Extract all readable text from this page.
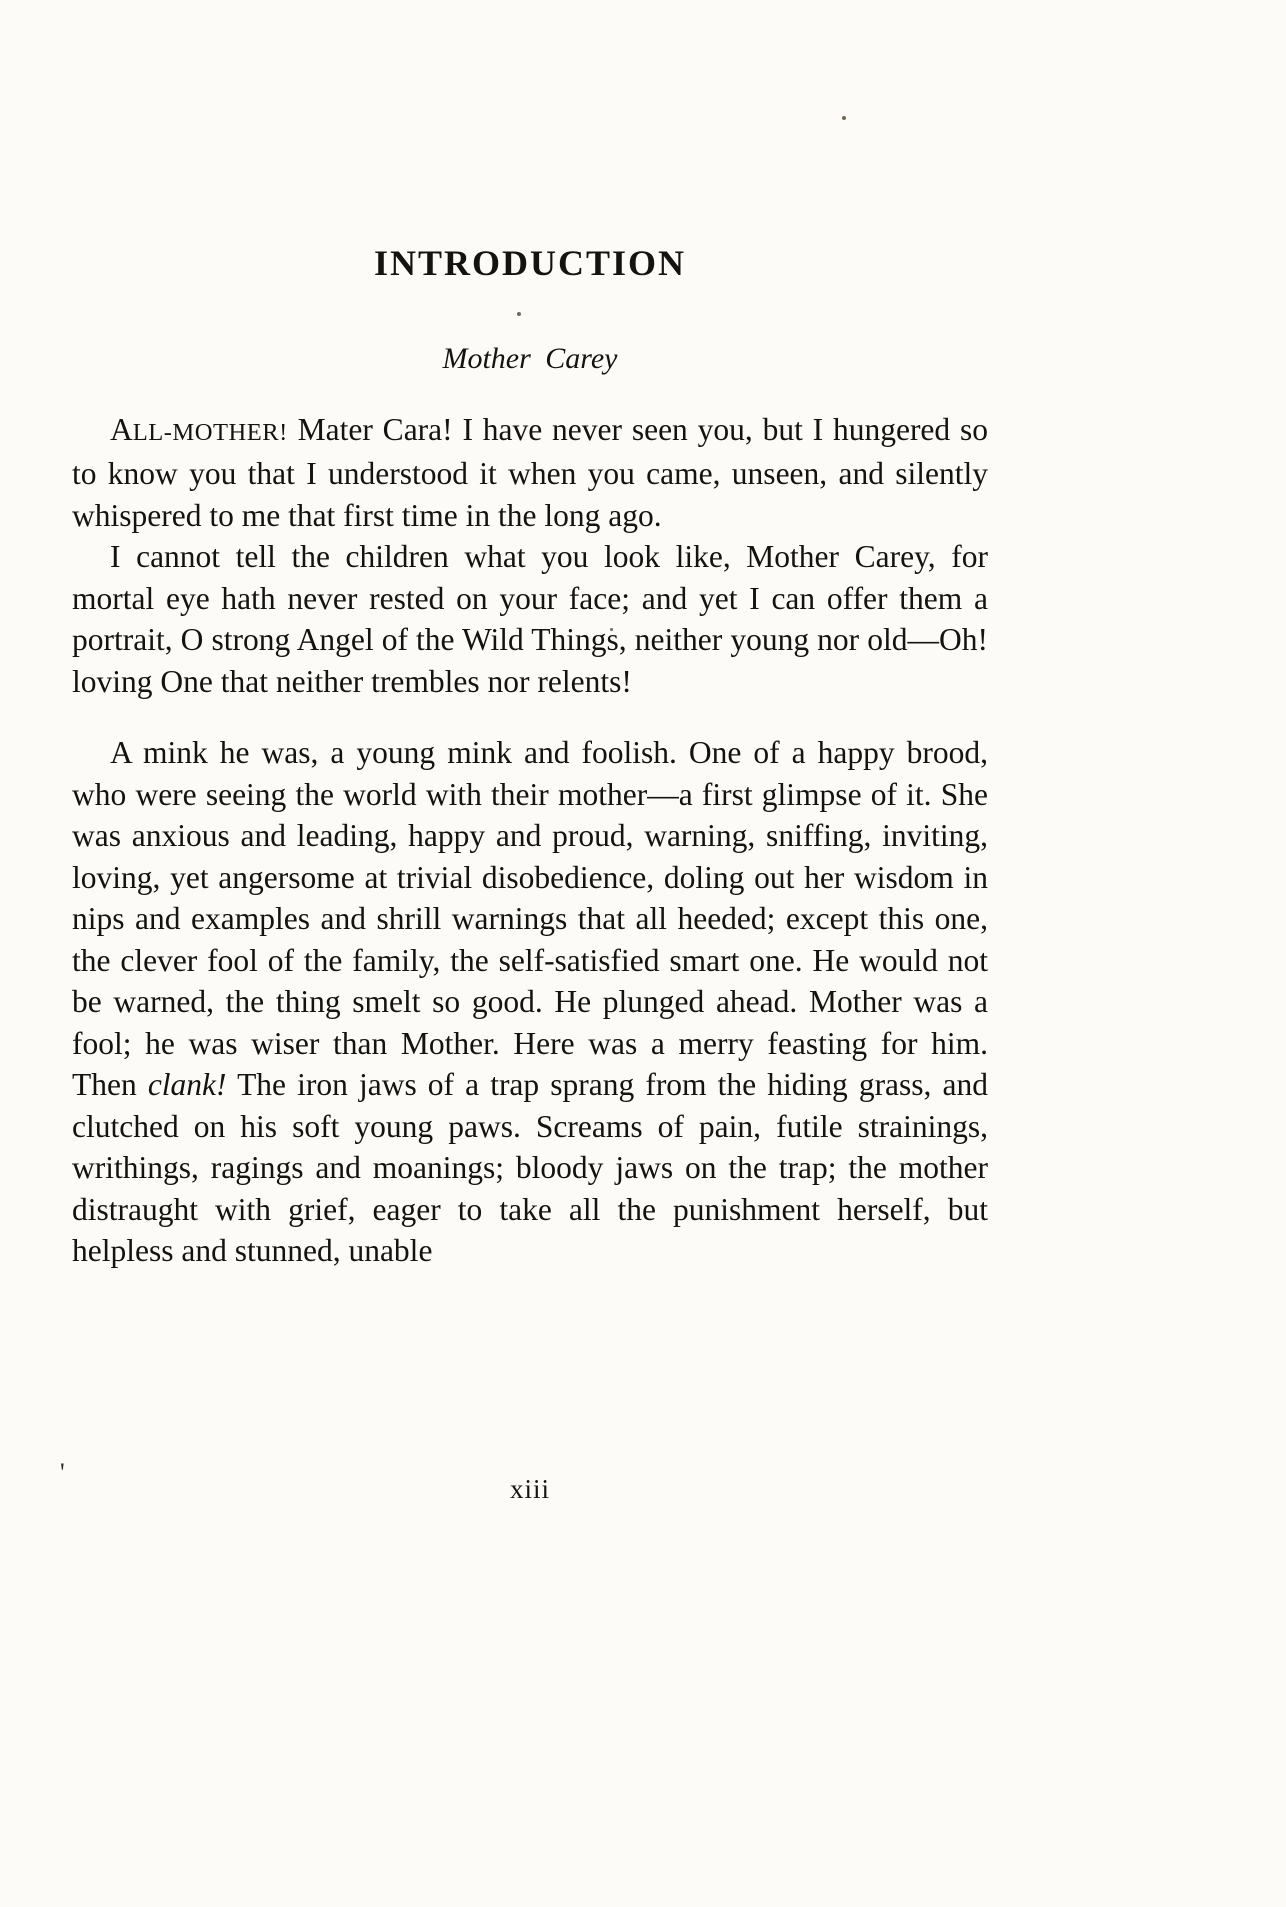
INTRODUCTION
Mother Carey

ALL-MOTHER! Mater Cara! I have never seen you, but I hungered so to know you that I understood it when you came, unseen, and silently whispered to me that first time in the long ago.

I cannot tell the children what you look like, Mother Carey, for mortal eye hath never rested on your face; and yet I can offer them a portrait, O strong Angel of the Wild Things, neither young nor old—Oh! loving One that neither trembles nor relents!

A mink he was, a young mink and foolish. One of a happy brood, who were seeing the world with their mother—a first glimpse of it. She was anxious and leading, happy and proud, warning, sniffing, inviting, loving, yet angersome at trivial disobedience, doling out her wisdom in nips and examples and shrill warnings that all heeded; except this one, the clever fool of the family, the self-satisfied smart one. He would not be warned, the thing smelt so good. He plunged ahead. Mother was a fool; he was wiser than Mother. Here was a merry feasting for him. Then clank! The iron jaws of a trap sprang from the hiding grass, and clutched on his soft young paws. Screams of pain, futile strainings, writhings, ragings and moanings; bloody jaws on the trap; the mother distraught with grief, eager to take all the punishment herself, but helpless and stunned, unable

'
xiii
